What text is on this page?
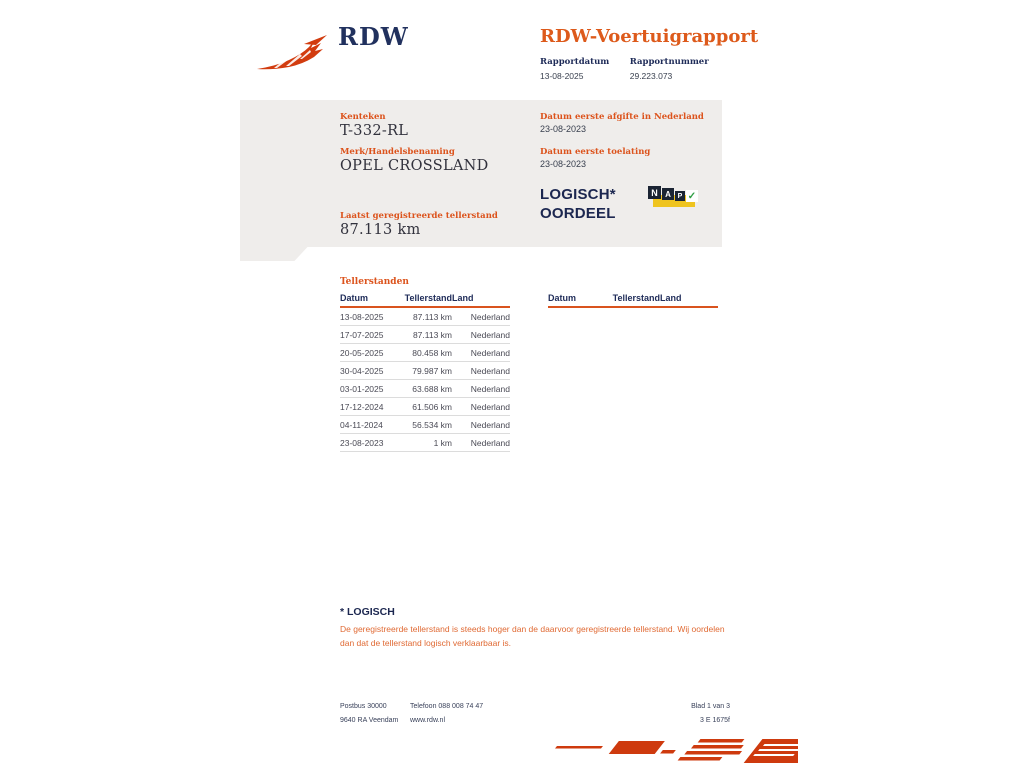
RDW	RDW-Voertuigrapport
Rapportdatum
13-08-2025

Rapportnummer
29.223.073
Kenteken
T-332-RL
Merk/Handelsbenaming
OPEL CROSSLAND
Laatst geregistreerde tellerstand
87.113 km
Datum eerste afgifte in Nederland
23-08-2023
Datum eerste toelating
23-08-2023
LOGISCH*
OORDEEL
N A P ✓
Tellerstanden
Datum	Tellerstand	Land
13-08-2025	87.113 km	Nederland
17-07-2025	87.113 km	Nederland
20-05-2025	80.458 km	Nederland
30-04-2025	79.987 km	Nederland
03-01-2025	63.688 km	Nederland
17-12-2024	61.506 km	Nederland
04-11-2024	56.534 km	Nederland
23-08-2023	1 km	Nederland
Datum	Tellerstand	Land
* LOGISCH
De geregistreerde tellerstand is steeds hoger dan de daarvoor geregistreerde tellerstand. Wij oordelen dan dat de tellerstand logisch verklaarbaar is.
Postbus 30000
9640 RA Veendam
Telefoon 088 008 74 47
www.rdw.nl
Blad 1 van 3
3 E 1675f
